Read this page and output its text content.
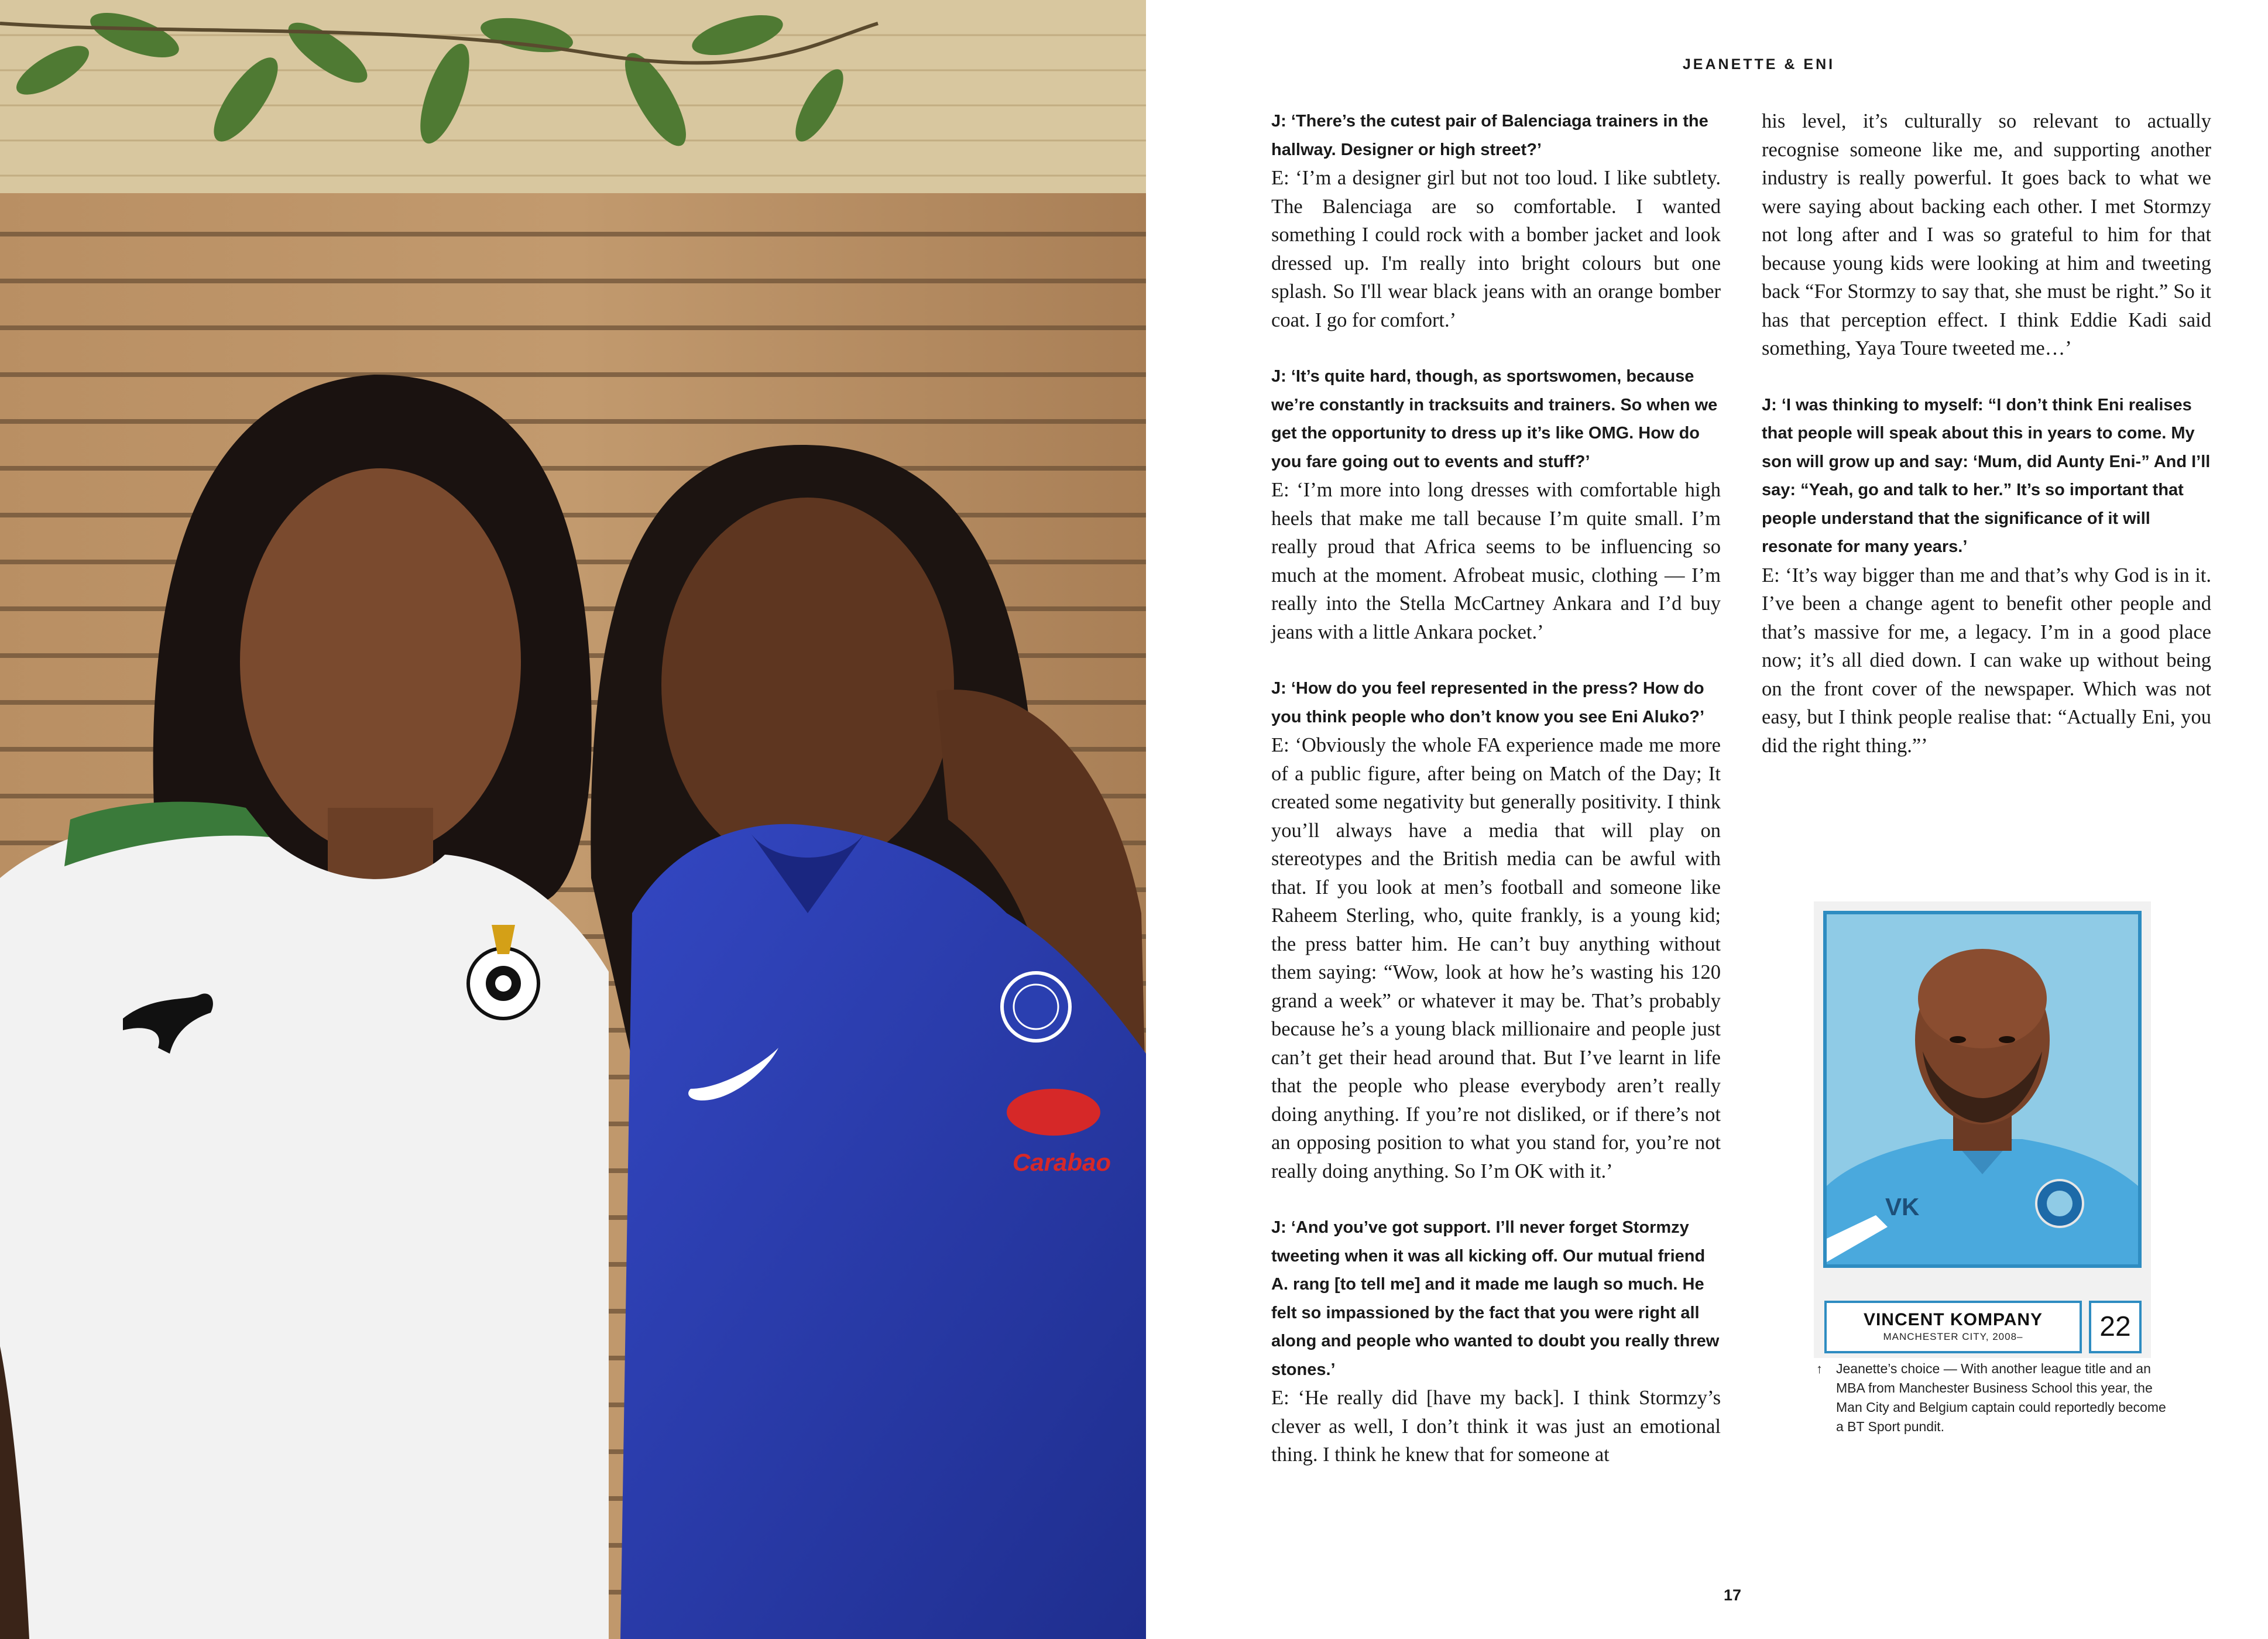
Carabao
JEANETTE & ENI

J: ‘There’s the cutest pair of Balenciaga trainers in the hallway. Designer or high street?’

E: ‘I’m a designer girl but not too loud. I like subtlety. The Balenciaga are so comfortable. I wanted something I could rock with a bomber jacket and look dressed up. I'm really into bright colours but one splash. So I'll wear black jeans with an orange bomber coat. I go for comfort.’

J: ‘It’s quite hard, though, as sportswomen, because we’re constantly in tracksuits and trainers. So when we get the opportunity to dress up it’s like OMG. How do you fare going out to events and stuff?’

E: ‘I’m more into long dresses with comfortable high heels that make me tall because I’m quite small. I’m really proud that Africa seems to be influencing so much at the moment. Afrobeat music, clothing — I’m really into the Stella McCartney Ankara and I’d buy jeans with a little Ankara pocket.’

J: ‘How do you feel represented in the press? How do you think people who don’t know you see Eni Aluko?’

E: ‘Obviously the whole FA experience made me more of a public figure, after being on Match of the Day; It created some negativity but generally positivity. I think you’ll always have a media that will play on stereotypes and the British media can be awful with that. If you look at men’s football and someone like Raheem Sterling, who, quite frankly, is a young kid; the press batter him. He can’t buy anything without them saying: “Wow, look at how he’s wasting his 120 grand a week” or whatever it may be. That’s probably because he’s a young black millionaire and people just can’t get their head around that. But I’ve learnt in life that the people who please everybody aren’t really doing anything. If you’re not disliked, or if there’s not an opposing position to what you stand for, you’re not really doing anything. So I’m OK with it.’

J: ‘And you’ve got support. I’ll never forget Stormzy tweeting when it was all kicking off. Our mutual friend A. rang [to tell me] and it made me laugh so much. He felt so impassioned by the fact that you were right all along and people who wanted to doubt you really threw stones.’

E: ‘He really did [have my back]. I think Stormzy’s clever as well, I don’t think it was just an emotional thing. I think he knew that for someone at

his level, it’s culturally so relevant to actually recognise someone like me, and supporting another industry is really powerful. It goes back to what we were saying about backing each other. I met Stormzy not long after and I was so grateful to him for that because young kids were looking at him and tweeting back “For Stormzy to say that, she must be right.” So it has that perception effect. I think Eddie Kadi said something, Yaya Toure tweeted me…’

J: ‘I was thinking to myself: “I don’t think Eni realises that people will speak about this in years to come. My son will grow up and say: ‘Mum, did Aunty Eni-” And I’ll say: “Yeah, go and talk to her.” It’s so important that people understand that the significance of it will resonate for many years.’

E: ‘It’s way bigger than me and that’s why God is in it. I’ve been a change agent to benefit other people and that’s massive for me, a legacy. I’m in a good place now; it’s all died down. I can wake up without being on the front cover of the newspaper. Which was not easy, but I think people realise that: “Actually Eni, you did the right thing.”’

VK
VINCENT KOMPANY
MANCHESTER CITY, 2008–	22
↑	Jeanette’s choice — With another league title and an MBA from Manchester Business School this year, the Man City and Belgium captain could reportedly become a BT Sport pundit.
17
